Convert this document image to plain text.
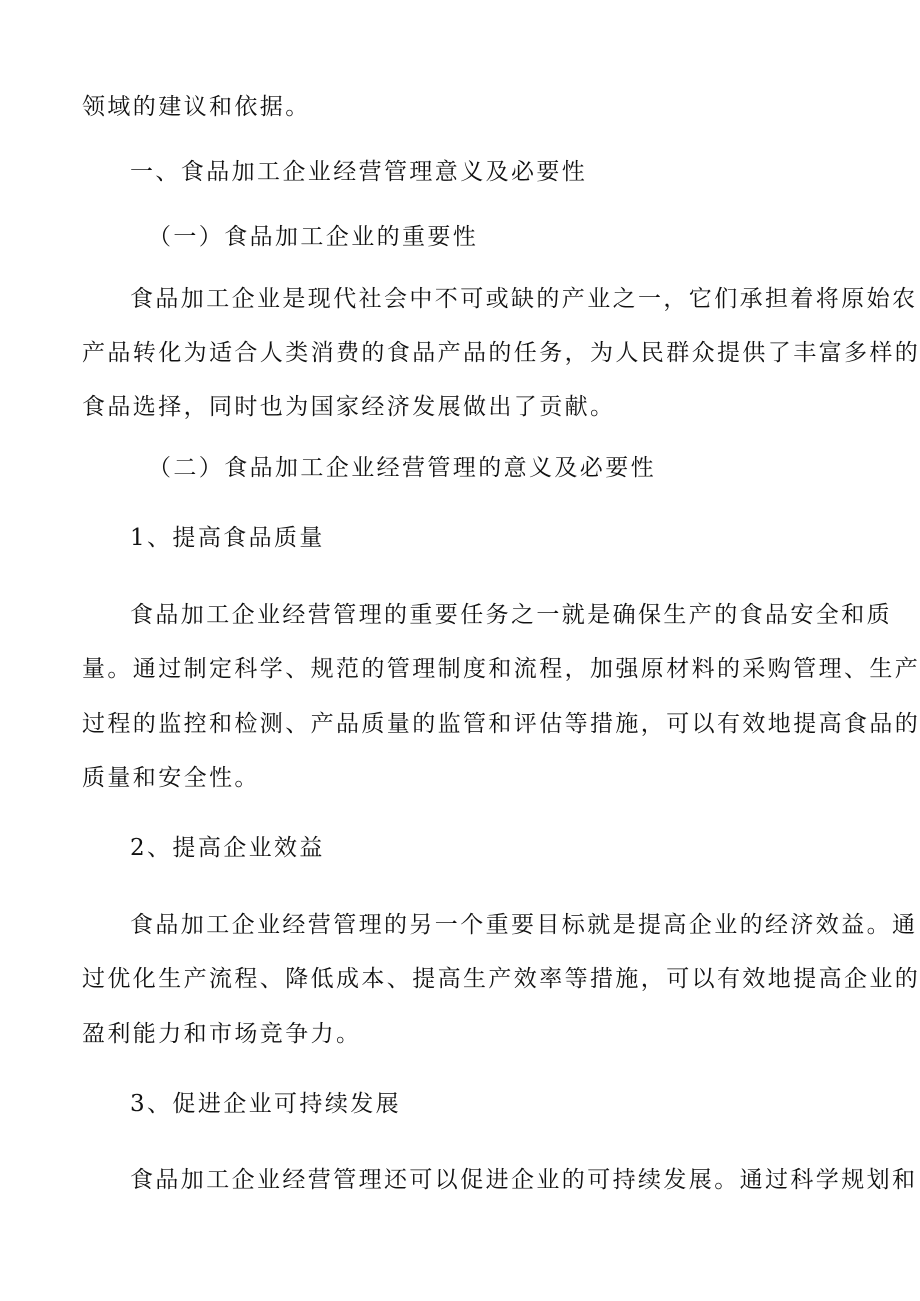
领域的建议和依据。
一、食品加工企业经营管理意义及必要性
（一）食品加工企业的重要性
食品加工企业是现代社会中不可或缺的产业之一，它们承担着将原始农
产品转化为适合人类消费的食品产品的任务，为人民群众提供了丰富多样的
食品选择，同时也为国家经济发展做出了贡献。
（二）食品加工企业经营管理的意义及必要性
1、提高食品质量
食品加工企业经营管理的重要任务之一就是确保生产的食品安全和质
量。通过制定科学、规范的管理制度和流程，加强原材料的采购管理、生产
过程的监控和检测、产品质量的监管和评估等措施，可以有效地提高食品的
质量和安全性。
2、提高企业效益
食品加工企业经营管理的另一个重要目标就是提高企业的经济效益。通
过优化生产流程、降低成本、提高生产效率等措施，可以有效地提高企业的
盈利能力和市场竞争力。
3、促进企业可持续发展
食品加工企业经营管理还可以促进企业的可持续发展。通过科学规划和
